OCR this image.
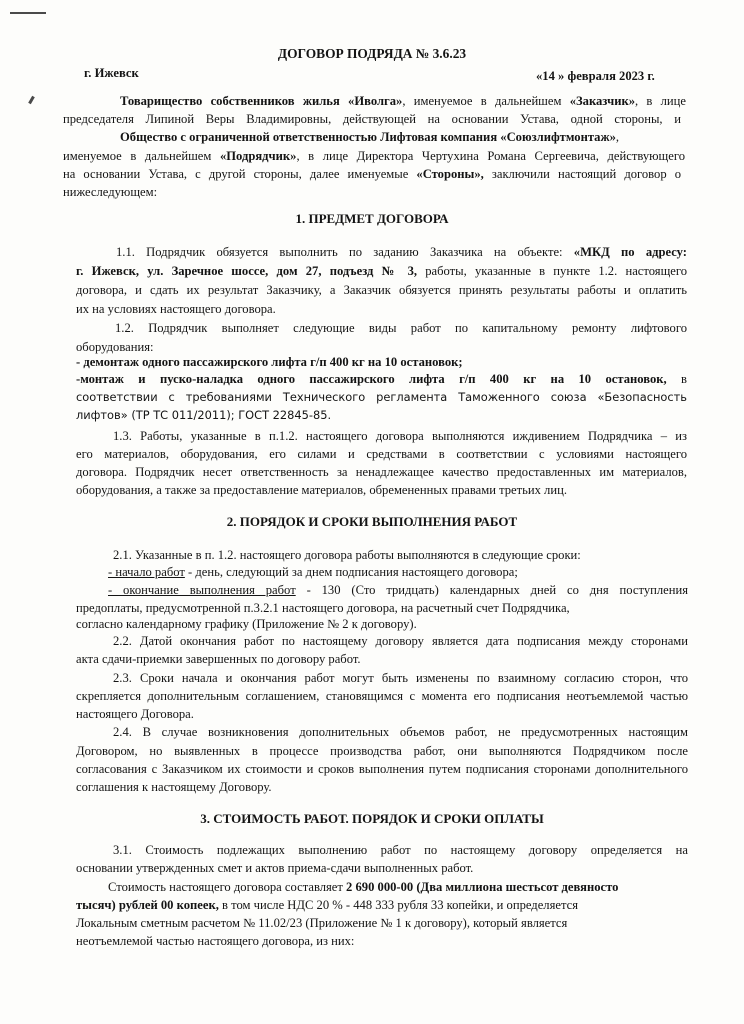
ДОГОВОР ПОДРЯДА № 3.6.23
г. Ижевск	«14 » февраля 2023 г.
Товарищество собственников жилья «Иволга», именуемое в дальнейшем «Заказчик», в лице
председателя Липиной Веры Владимировны, действующей на основании Устава, одной стороны, и
Общество с ограниченной ответственностью Лифтовая компания «Союзлифтмонтаж»,
именуемое в дальнейшем «Подрядчик», в лице Директора Чертухина Романа Сергеевича, действующего
на основании Устава, с другой стороны, далее именуемые «Стороны», заключили настоящий договор о
нижеследующем:
1. ПРЕДМЕТ ДОГОВОРА
1.1. Подрядчик обязуется выполнить по заданию Заказчика на объекте: «МКД по адресу:
г. Ижевск, ул. Заречное шоссе, дом 27, подъезд № 3, работы, указанные в пункте 1.2. настоящего
договора, и сдать их результат Заказчику, а Заказчик обязуется принять результаты работы и оплатить
их на условиях настоящего договора.
1.2. Подрядчик выполняет следующие виды работ по капитальному ремонту лифтового
оборудования:
- демонтаж одного пассажирского лифта г/п 400 кг на 10 остановок;
-монтаж и пуско-наладка одного пассажирского лифта г/п 400 кг на 10 остановок, в
соответствии с требованиями Технического регламента Таможенного союза «Безопасность
лифтов» (ТР ТС 011/2011); ГОСТ 22845-85.
1.3. Работы, указанные в п.1.2. настоящего договора выполняются иждивением Подрядчика – из
его материалов, оборудования, его силами и средствами в соответствии с условиями настоящего
договора. Подрядчик несет ответственность за ненадлежащее качество предоставленных им материалов,
оборудования, а также за предоставление материалов, обремененных правами третьих лиц.
2. ПОРЯДОК И СРОКИ ВЫПОЛНЕНИЯ РАБОТ
2.1. Указанные в п. 1.2. настоящего договора работы выполняются в следующие сроки:
- начало работ - день, следующий за днем подписания настоящего договора;
- окончание выполнения работ - 130 (Сто тридцать) календарных дней со дня поступления
предоплаты, предусмотренной п.3.2.1 настоящего договора, на расчетный счет Подрядчика,
согласно календарному графику (Приложение № 2 к договору).
2.2. Датой окончания работ по настоящему договору является дата подписания между сторонами
акта сдачи-приемки завершенных по договору работ.
2.3. Сроки начала и окончания работ могут быть изменены по взаимному согласию сторон, что
скрепляется дополнительным соглашением, становящимся с момента его подписания неотъемлемой частью
настоящего Договора.
2.4. В случае возникновения дополнительных объемов работ, не предусмотренных настоящим
Договором, но выявленных в процессе производства работ, они выполняются Подрядчиком после
согласования с Заказчиком их стоимости и сроков выполнения путем подписания сторонами дополнительного
соглашения к настоящему Договору.
3. СТОИМОСТЬ РАБОТ. ПОРЯДОК И СРОКИ ОПЛАТЫ
3.1. Стоимость подлежащих выполнению работ по настоящему договору определяется на
основании утвержденных смет и актов приема-сдачи выполненных работ.
Стоимость настоящего договора составляет 2 690 000-00 (Два миллиона шестьсот девяносто
тысяч) рублей 00 копеек, в том числе НДС 20 % - 448 333 рубля 33 копейки, и определяется
Локальным сметным расчетом № 11.02/23 (Приложение № 1 к договору), который является
неотъемлемой частью настоящего договора, из них:
